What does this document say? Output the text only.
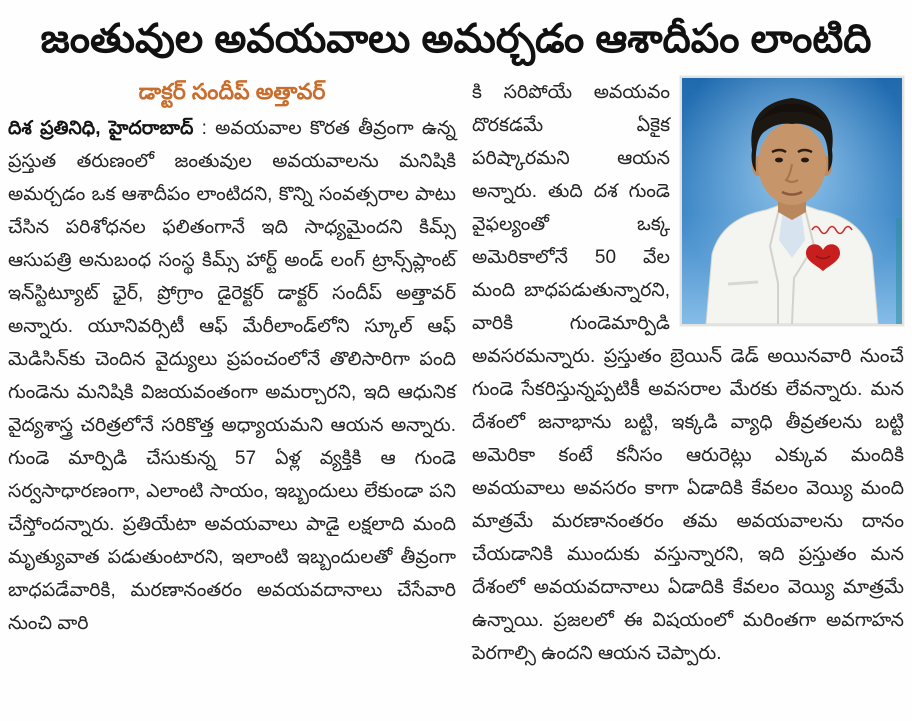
జంతువుల అవయవాలు అమర్చడం ఆశాదీపం లాంటిది
డాక్టర్ సందీప్ అత్తావర్

దిశ ప్రతినిధి, హైదరాబాద్ : అవయవాల కొరత తీవ్రంగా ఉన్న ప్రస్తుత తరుణంలో జంతువుల అవయవాలను మనిషికి అమర్చడం ఒక ఆశాదీపం లాంటిదని, కొన్ని సంవత్సరాల పాటు చేసిన పరిశోధనల ఫలితంగానే ఇది సాధ్యమైందని కిమ్స్ ఆసుపత్రి అనుబంధ సంస్థ కిమ్స్ హార్ట్ అండ్ లంగ్ ట్రాన్స్‌ప్లాంట్ ఇన్‌స్టిట్యూట్ ఛైర్, ప్రోగ్రాం డైరెక్టర్ డాక్టర్ సందీప్ అత్తావర్ అన్నారు. యూనివర్సిటీ ఆఫ్ మేరీలాండ్‌లోని స్కూల్ ఆఫ్ మెడిసిన్‌కు చెందిన వైద్యులు ప్రపంచంలోనే తొలిసారిగా పంది గుండెను మనిషికి విజయవంతంగా అమర్చారని, ఇది ఆధునిక వైద్యశాస్త్ర చరిత్రలోనే సరికొత్త అధ్యాయమని ఆయన అన్నారు. గుండె మార్పిడి చేసుకున్న 57 ఏళ్ల వ్యక్తికి ఆ గుండె సర్వసాధారణంగా, ఎలాంటి సాయం, ఇబ్బందులు లేకుండా పని చేస్తోందన్నారు. ప్రతియేటా అవయవాలు పాడై లక్షలాది మంది మృత్యువాత పడుతుంటారని, ఇలాంటి ఇబ్బందులతో తీవ్రంగా బాధపడేవారికి, మరణానంతరం అవయవదానాలు చేసేవారి నుంచి వారి

కి సరిపోయే అవయవం దొరకడమే ఏకైక పరిష్కారమని ఆయన అన్నారు. తుది దశ గుండె వైఫల్యంతో ఒక్క అమెరికాలోనే 50 వేల మంది బాధపడుతున్నారని, వారికి గుండెమార్పిడి అవసరమన్నారు. ప్రస్తుతం బ్రెయిన్ డెడ్ అయినవారి నుంచే గుండె సేకరిస్తున్నప్పటికీ అవసరాల మేరకు లేవన్నారు. మన దేశంలో జనాభాను బట్టి, ఇక్కడి వ్యాధి తీవ్రతలను బట్టి అమెరికా కంటే కనీసం ఆరురెట్లు ఎక్కువ మందికి అవయవాలు అవసరం కాగా ఏడాదికి కేవలం వెయ్యి మంది మాత్రమే మరణానంతరం తమ అవయవాలను దానం చేయడానికి ముందుకు వస్తున్నారని, ఇది ప్రస్తుతం మన దేశంలో అవయవదానాలు ఏడాదికి కేవలం వెయ్యి మాత్రమే ఉన్నాయి. ప్రజలలో ఈ విషయంలో మరింతగా అవగాహన పెరగాల్సి ఉందని ఆయన చెప్పారు.
